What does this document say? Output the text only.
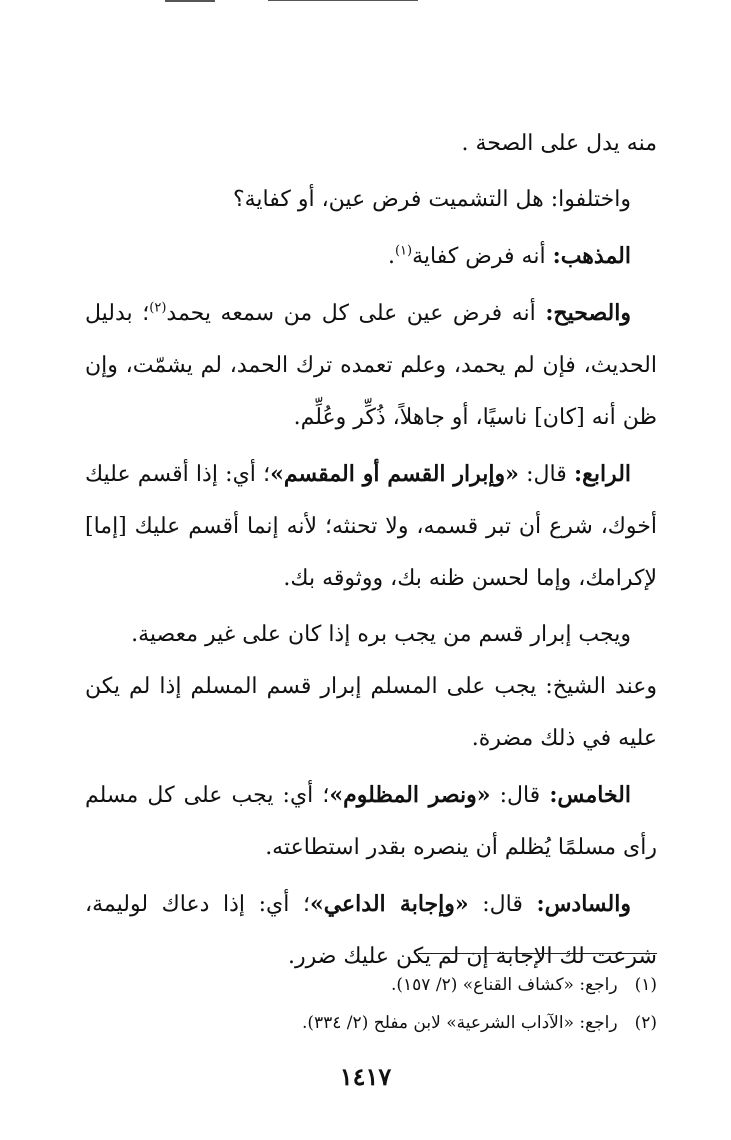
منه يدل على الصحة .

واختلفوا: هل التشميت فرض عين، أو كفاية؟

المذهب: أنه فرض كفاية$^{(١)}$.

والصحيح: أنه فرض عين على كل من سمعه يحمد$^{(٢)}$؛ بدليل الحديث، فإن لم يحمد، وعلم تعمده ترك الحمد، لم يشمّت، وإن ظن أنه [كان] ناسيًا، أو جاهلاً، ذُكِّر وعُلِّم.

الرابع: قال: «وإبرار القسم أو المقسم»؛ أي: إذا أقسم عليك أخوك، شرع أن تبر قسمه، ولا تحنثه؛ لأنه إنما أقسم عليك [إما] لإكرامك، وإما لحسن ظنه بك، ووثوقه بك.

ويجب إبرار قسم من يجب بره إذا كان على غير معصية.

وعند الشيخ: يجب على المسلم إبرار قسم المسلم إذا لم يكن عليه في ذلك مضرة.

الخامس: قال: «ونصر المظلوم»؛ أي: يجب على كل مسلم رأى مسلمًا يُظلم أن ينصره بقدر استطاعته.

والسادس: قال: «وإجابة الداعي»؛ أي: إذا دعاك لوليمة، شرعت لك الإجابة إن لم يكن عليك ضرر.

(١) راجع: «كشاف القناع» (٢/ ١٥٧).

(٢) راجع: «الآداب الشرعية» لابن مفلح (٢/ ٣٣٤).

١٤١٧
